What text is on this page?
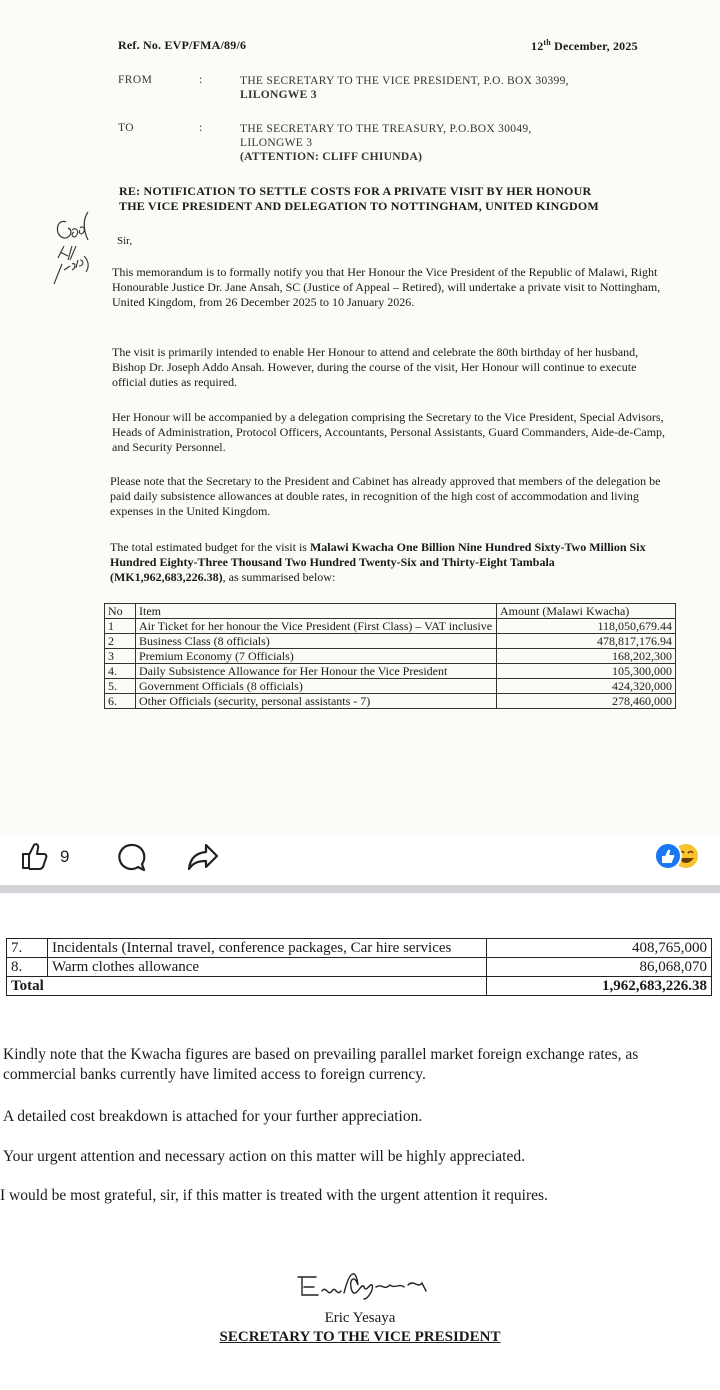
Ref. No. EVP/FMA/89/6	12th December, 2025
FROM	:	THE SECRETARY TO THE VICE PRESIDENT, P.O. BOX 30399,
LILONGWE 3
TO	:	THE SECRETARY TO THE TREASURY, P.O.BOX 30049,
LILONGWE 3
(ATTENTION: CLIFF CHIUNDA)
RE: NOTIFICATION TO SETTLE COSTS FOR A PRIVATE VISIT BY HER HONOUR
THE VICE PRESIDENT AND DELEGATION TO NOTTINGHAM, UNITED KINGDOM
Sir,
This memorandum is to formally notify you that Her Honour the Vice President of the Republic of Malawi, Right Honourable Justice Dr. Jane Ansah, SC (Justice of Appeal – Retired), will undertake a private visit to Nottingham, United Kingdom, from 26 December 2025 to 10 January 2026.
The visit is primarily intended to enable Her Honour to attend and celebrate the 80th birthday of her husband, Bishop Dr. Joseph Addo Ansah. However, during the course of the visit, Her Honour will continue to execute official duties as required.
Her Honour will be accompanied by a delegation comprising the Secretary to the Vice President, Special Advisors, Heads of Administration, Protocol Officers, Accountants, Personal Assistants, Guard Commanders, Aide-de-Camp, and Security Personnel.
Please note that the Secretary to the President and Cabinet has already approved that members of the delegation be paid daily subsistence allowances at double rates, in recognition of the high cost of accommodation and living expenses in the United Kingdom.
The total estimated budget for the visit is Malawi Kwacha One Billion Nine Hundred Sixty-Two Million Six Hundred Eighty-Three Thousand Two Hundred Twenty-Six and Thirty-Eight Tambala (MK1,962,683,226.38), as summarised below:
No	Item	Amount (Malawi Kwacha)
1	Air Ticket for her honour the Vice President (First Class) – VAT inclusive	118,050,679.44
2	Business Class (8 officials)	478,817,176.94
3	Premium Economy (7 Officials)	168,202,300
4.	Daily Subsistence Allowance for Her Honour the Vice President	105,300,000
5.	Government Officials (8 officials)	424,320,000
6.	Other Officials (security, personal assistants - 7)	278,460,000
9
7.	Incidentals (Internal travel, conference packages, Car hire services	408,765,000
8.	Warm clothes allowance	86,068,070
Total		1,962,683,226.38
Kindly note that the Kwacha figures are based on prevailing parallel market foreign exchange rates, as commercial banks currently have limited access to foreign currency.
A detailed cost breakdown is attached for your further appreciation.
Your urgent attention and necessary action on this matter will be highly appreciated.
I would be most grateful, sir, if this matter is treated with the urgent attention it requires.
Eric Yesaya
SECRETARY TO THE VICE PRESIDENT
